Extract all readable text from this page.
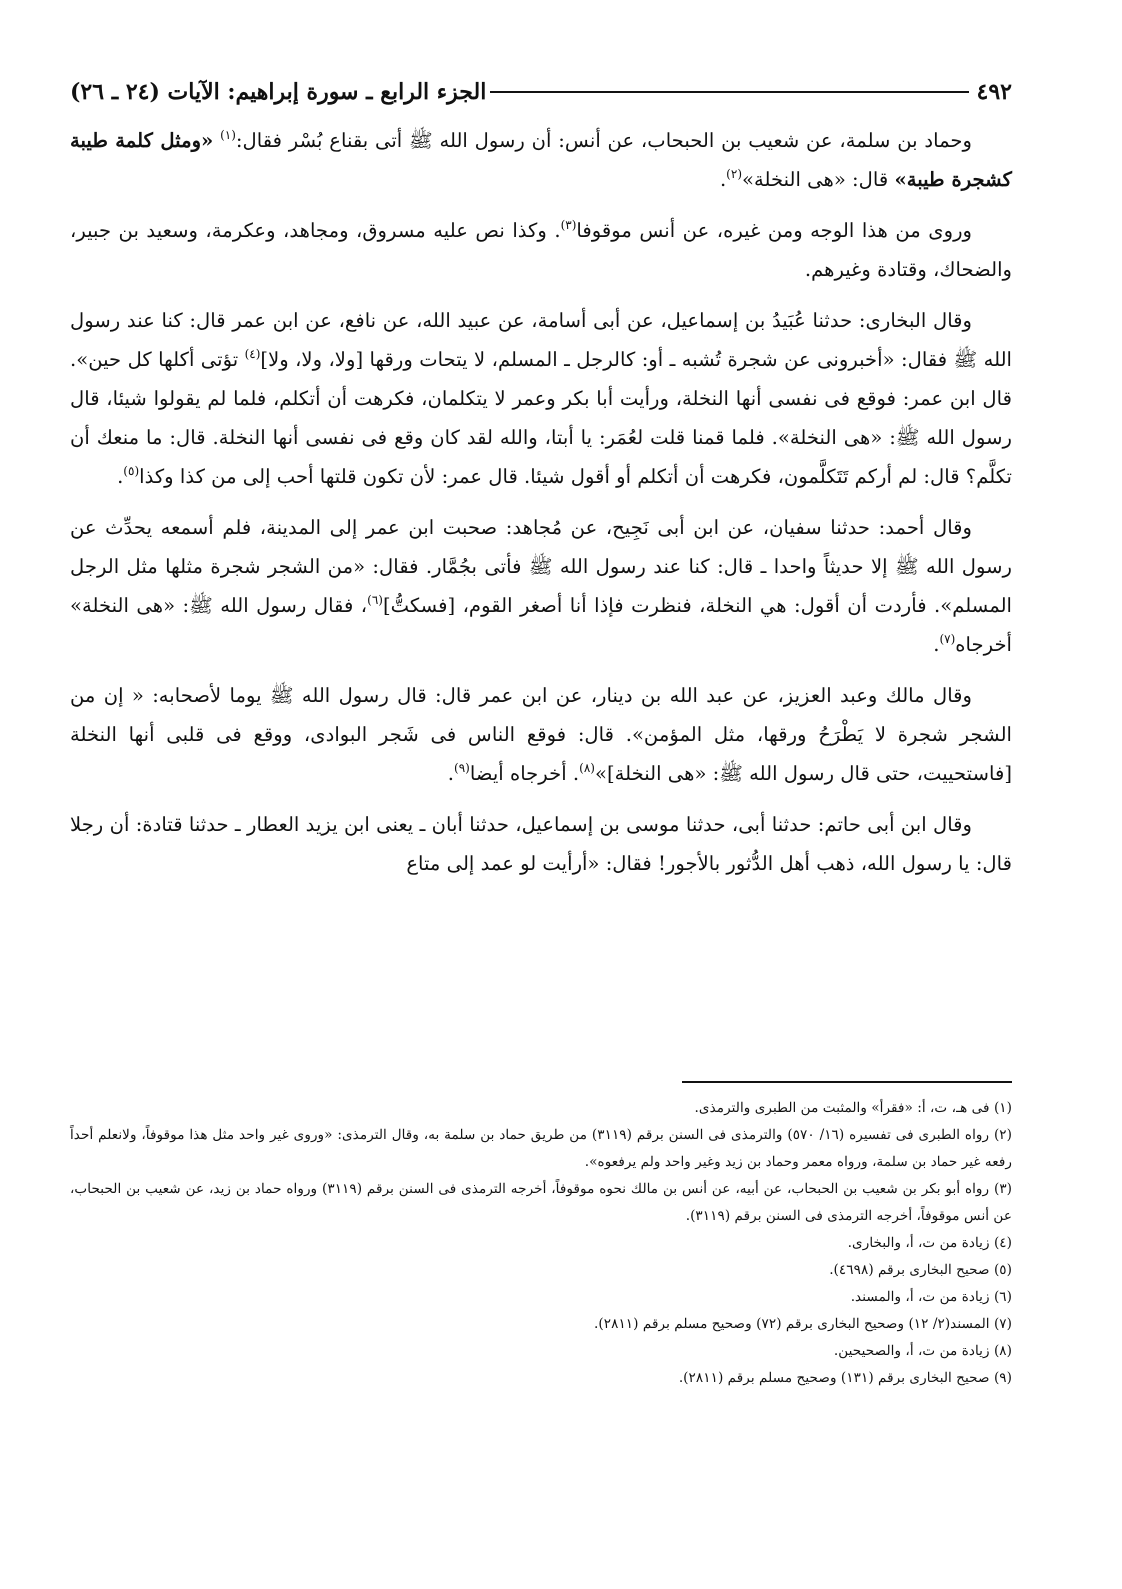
٤٩٢
الجزء الرابع ـ سورة إبراهيم: الآيات (٢٤ ـ ٢٦)

وحماد بن سلمة، عن شعيب بن الحبحاب، عن أنس: أن رسول الله ﷺ أتى بقناع بُسْر فقال:$^{(١)}$ «ومثل كلمة طيبة كشجرة طيبة» قال: «هى النخلة»$^{(٢)}$.

وروى من هذا الوجه ومن غيره، عن أنس موقوفا$^{(٣)}$. وكذا نص عليه مسروق، ومجاهد، وعكرمة، وسعيد بن جبير، والضحاك، وقتادة وغيرهم.

وقال البخارى: حدثنا عُبَيدُ بن إسماعيل، عن أبى أسامة، عن عبيد الله، عن نافع، عن ابن عمر قال: كنا عند رسول الله ﷺ فقال: «أخبرونى عن شجرة تُشبه ـ أو: كالرجل ـ المسلم، لا يتحات ورقها [ولا، ولا، ولا]$^{(٤)}$ تؤتى أكلها كل حين». قال ابن عمر: فوقع فى نفسى أنها النخلة، ورأيت أبا بكر وعمر لا يتكلمان، فكرهت أن أتكلم، فلما لم يقولوا شيئا، قال رسول الله ﷺ: «هى النخلة». فلما قمنا قلت لعُمَر: يا أبتا، والله لقد كان وقع فى نفسى أنها النخلة. قال: ما منعك أن تكلَّم؟ قال: لم أركم تَتَكلَّمون، فكرهت أن أتكلم أو أقول شيئا. قال عمر: لأن تكون قلتها أحب إلى من كذا وكذا$^{(٥)}$.

وقال أحمد: حدثنا سفيان، عن ابن أبى نَجِيح، عن مُجاهد: صحبت ابن عمر إلى المدينة، فلم أسمعه يحدِّث عن رسول الله ﷺ إلا حديثاً واحدا ـ قال: كنا عند رسول الله ﷺ فأتى بجُمَّار. فقال: «من الشجر شجرة مثلها مثل الرجل المسلم». فأردت أن أقول: هي النخلة، فنظرت فإذا أنا أصغر القوم، [فسكتُّ]$^{(٦)}$، فقال رسول الله ﷺ: «هى النخلة» أخرجاه$^{(٧)}$.

وقال مالك وعبد العزيز، عن عبد الله بن دينار، عن ابن عمر قال: قال رسول الله ﷺ يوما لأصحابه: « إن من الشجر شجرة لا يَطْرَحُ ورقها، مثل المؤمن». قال: فوقع الناس فى شَجر البوادى، ووقع فى قلبى أنها النخلة [فاستحييت، حتى قال رسول الله ﷺ: «هى النخلة]»$^{(٨)}$. أخرجاه أيضا$^{(٩)}$.

وقال ابن أبى حاتم: حدثنا أبى، حدثنا موسى بن إسماعيل، حدثنا أبان ـ يعنى ابن يزيد العطار ـ حدثنا قتادة: أن رجلا قال: يا رسول الله، ذهب أهل الدُّثور بالأجور! فقال: «أرأيت لو عمد إلى متاع

(١) فى هـ، ت، أ: «فقرأ» والمثبت من الطبرى والترمذى.

(٢) رواه الطبرى فى تفسيره (١٦/ ٥٧٠) والترمذى فى السنن برقم (٣١١٩) من طريق حماد بن سلمة به، وقال الترمذى: «وروى غير واحد مثل هذا موقوفاً، ولانعلم أحداً رفعه غير حماد بن سلمة، ورواه معمر وحماد بن زيد وغير واحد ولم يرفعوه».

(٣) رواه أبو بكر بن شعيب بن الحبحاب، عن أبيه، عن أنس بن مالك نحوه موقوفاً، أخرجه الترمذى فى السنن برقم (٣١١٩) ورواه حماد بن زيد، عن شعيب بن الحبحاب، عن أنس موقوفاً، أخرجه الترمذى فى السنن برقم (٣١١٩).

(٤) زيادة من ت، أ، والبخارى.

(٥) صحيح البخارى برقم (٤٦٩٨).

(٦) زيادة من ت، أ، والمسند.

(٧) المسند(٢/ ١٢) وصحيح البخارى برقم (٧٢) وصحيح مسلم برقم (٢٨١١).

(٨) زيادة من ت، أ، والصحيحين.

(٩) صحيح البخارى برقم (١٣١) وصحيح مسلم برقم (٢٨١١).
